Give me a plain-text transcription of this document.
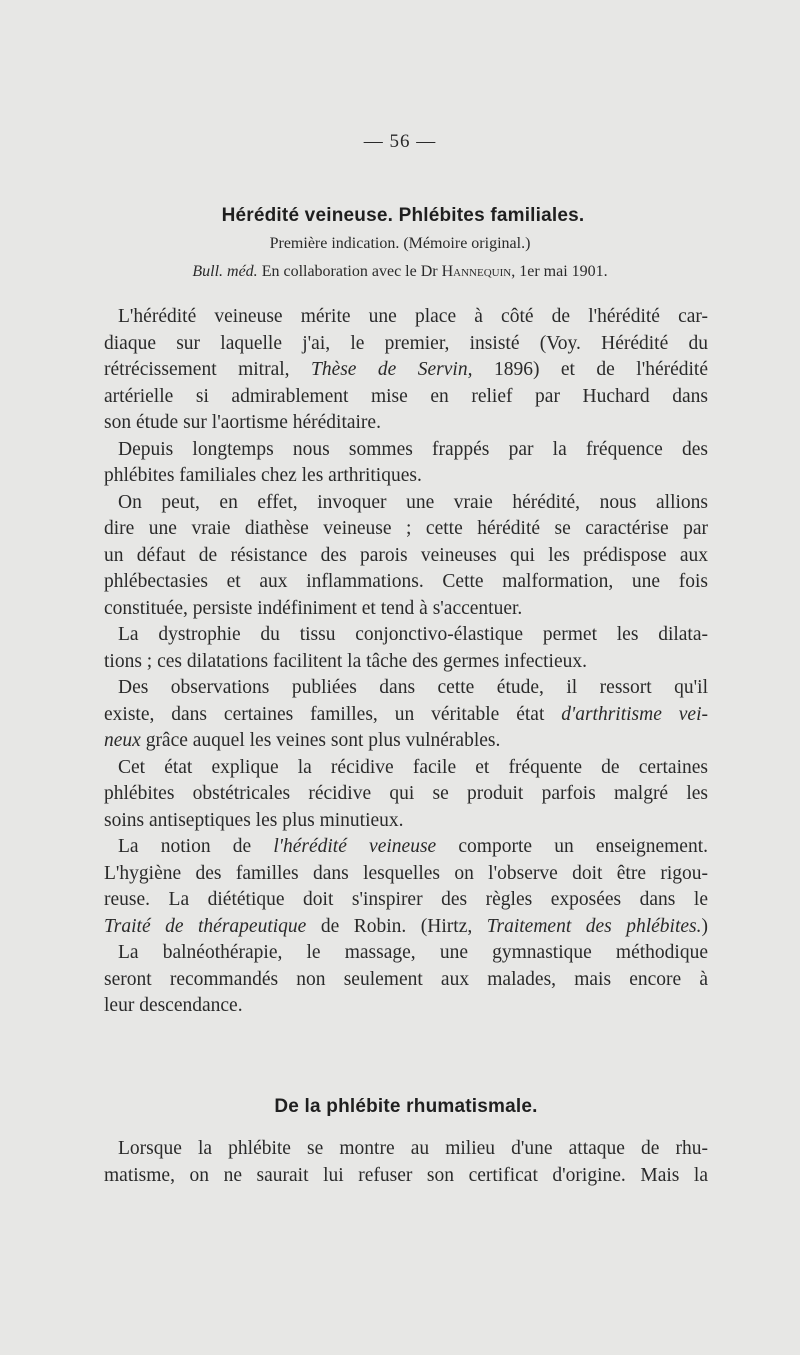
— 56 —
Hérédité veineuse. Phlébites familiales.
Première indication. (Mémoire original.)
Bull. méd. En collaboration avec le Dr Hannequin, 1er mai 1901.
L'hérédité veineuse mérite une place à côté de l'hérédité car-
diaque sur laquelle j'ai, le premier, insisté (Voy. Hérédité du
rétrécissement mitral, Thèse de Servin, 1896) et de l'hérédité
artérielle si admirablement mise en relief par Huchard dans
son étude sur l'aortisme héréditaire.
Depuis longtemps nous sommes frappés par la fréquence des
phlébites familiales chez les arthritiques.
On peut, en effet, invoquer une vraie hérédité, nous allions
dire une vraie diathèse veineuse ; cette hérédité se caractérise par
un défaut de résistance des parois veineuses qui les prédispose aux
phlébectasies et aux inflammations. Cette malformation, une fois
constituée, persiste indéfiniment et tend à s'accentuer.
La dystrophie du tissu conjonctivo-élastique permet les dilata-
tions ; ces dilatations facilitent la tâche des germes infectieux.
Des observations publiées dans cette étude, il ressort qu'il
existe, dans certaines familles, un véritable état d'arthritisme vei-
neux grâce auquel les veines sont plus vulnérables.
Cet état explique la récidive facile et fréquente de certaines
phlébites obstétricales récidive qui se produit parfois malgré les
soins antiseptiques les plus minutieux.
La notion de l'hérédité veineuse comporte un enseignement.
L'hygiène des familles dans lesquelles on l'observe doit être rigou-
reuse. La diététique doit s'inspirer des règles exposées dans le
Traité de thérapeutique de Robin. (Hirtz, Traitement des phlébites.)
La balnéothérapie, le massage, une gymnastique méthodique
seront recommandés non seulement aux malades, mais encore à
leur descendance.
De la phlébite rhumatismale.
Lorsque la phlébite se montre au milieu d'une attaque de rhu-
matisme, on ne saurait lui refuser son certificat d'origine. Mais la
